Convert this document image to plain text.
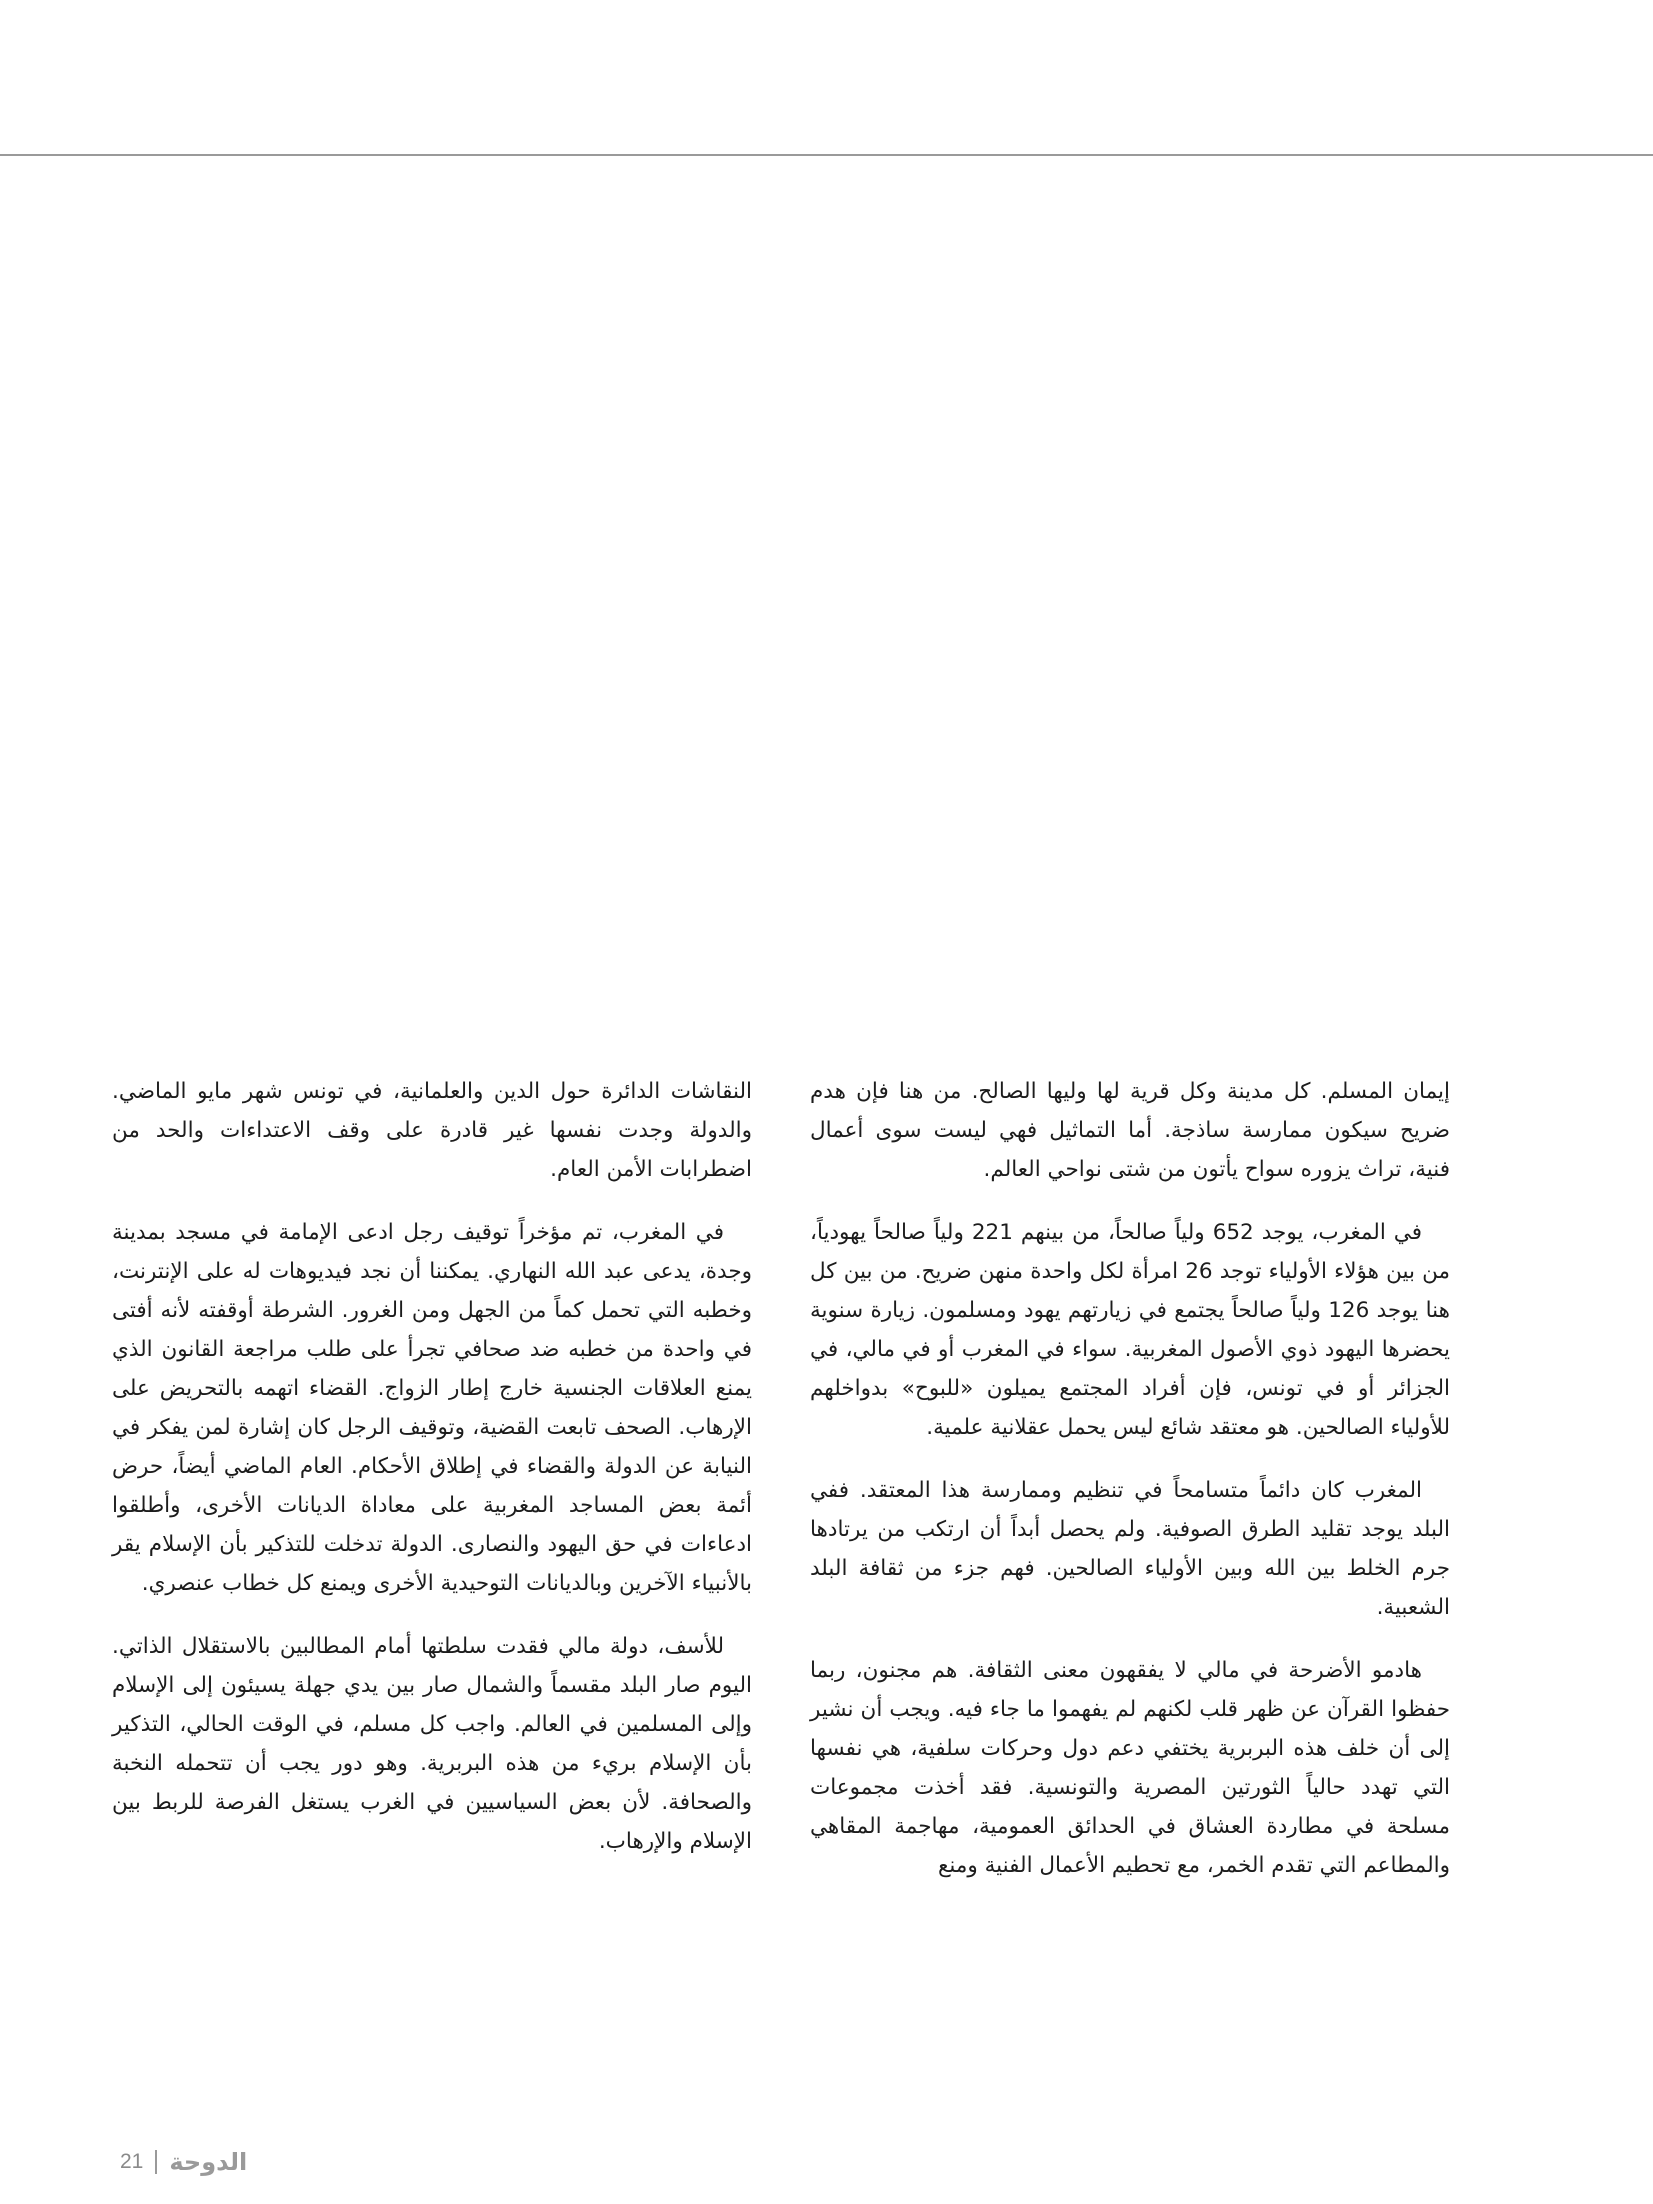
إيمان المسلم. كل مدينة وكل قرية لها وليها الصالح. من هنا فإن هدم ضريح سيكون ممارسة ساذجة. أما التماثيل فهي ليست سوى أعمال فنية، تراث يزوره سواح يأتون من شتى نواحي العالم.

في المغرب، يوجد 652 ولياً صالحاً، من بينهم 221 ولياً صالحاً يهودياً، من بين هؤلاء الأولياء توجد 26 امرأة لكل واحدة منهن ضريح. من بين كل هنا يوجد 126 ولياً صالحاً يجتمع في زيارتهم يهود ومسلمون. زيارة سنوية يحضرها اليهود ذوي الأصول المغربية. سواء في المغرب أو في مالي، في الجزائر أو في تونس، فإن أفراد المجتمع يميلون «للبوح» بدواخلهم للأولياء الصالحين. هو معتقد شائع ليس يحمل عقلانية علمية.

المغرب كان دائماً متسامحاً في تنظيم وممارسة هذا المعتقد. ففي البلد يوجد تقليد الطرق الصوفية. ولم يحصل أبداً أن ارتكب من يرتادها جرم الخلط بين الله وبين الأولياء الصالحين. فهم جزء من ثقافة البلد الشعبية.

هادمو الأضرحة في مالي لا يفقهون معنى الثقافة. هم مجنون، ربما حفظوا القرآن عن ظهر قلب لكنهم لم يفهموا ما جاء فيه. ويجب أن نشير إلى أن خلف هذه البربرية يختفي دعم دول وحركات سلفية، هي نفسها التي تهدد حالياً الثورتين المصرية والتونسية. فقد أخذت مجموعات مسلحة في مطاردة العشاق في الحدائق العمومية، مهاجمة المقاهي والمطاعم التي تقدم الخمر، مع تحطيم الأعمال الفنية ومنع

النقاشات الدائرة حول الدين والعلمانية، في تونس شهر مايو الماضي. والدولة وجدت نفسها غير قادرة على وقف الاعتداءات والحد من اضطرابات الأمن العام.

في المغرب، تم مؤخراً توقيف رجل ادعى الإمامة في مسجد بمدينة وجدة، يدعى عبد الله النهاري. يمكننا أن نجد فيديوهات له على الإنترنت، وخطبه التي تحمل كماً من الجهل ومن الغرور. الشرطة أوقفته لأنه أفتى في واحدة من خطبه ضد صحافي تجرأ على طلب مراجعة القانون الذي يمنع العلاقات الجنسية خارج إطار الزواج. القضاء اتهمه بالتحريض على الإرهاب. الصحف تابعت القضية، وتوقيف الرجل كان إشارة لمن يفكر في النيابة عن الدولة والقضاء في إطلاق الأحكام. العام الماضي أيضاً، حرض أئمة بعض المساجد المغربية على معاداة الديانات الأخرى، وأطلقوا ادعاءات في حق اليهود والنصارى. الدولة تدخلت للتذكير بأن الإسلام يقر بالأنبياء الآخرين وبالديانات التوحيدية الأخرى ويمنع كل خطاب عنصري.

للأسف، دولة مالي فقدت سلطتها أمام المطالبين بالاستقلال الذاتي. اليوم صار البلد مقسماً والشمال صار بين يدي جهلة يسيئون إلى الإسلام وإلى المسلمين في العالم. واجب كل مسلم، في الوقت الحالي، التذكير بأن الإسلام بريء من هذه البربرية. وهو دور يجب أن تتحمله النخبة والصحافة. لأن بعض السياسيين في الغرب يستغل الفرصة للربط بين الإسلام والإرهاب.

21 الدوحة
